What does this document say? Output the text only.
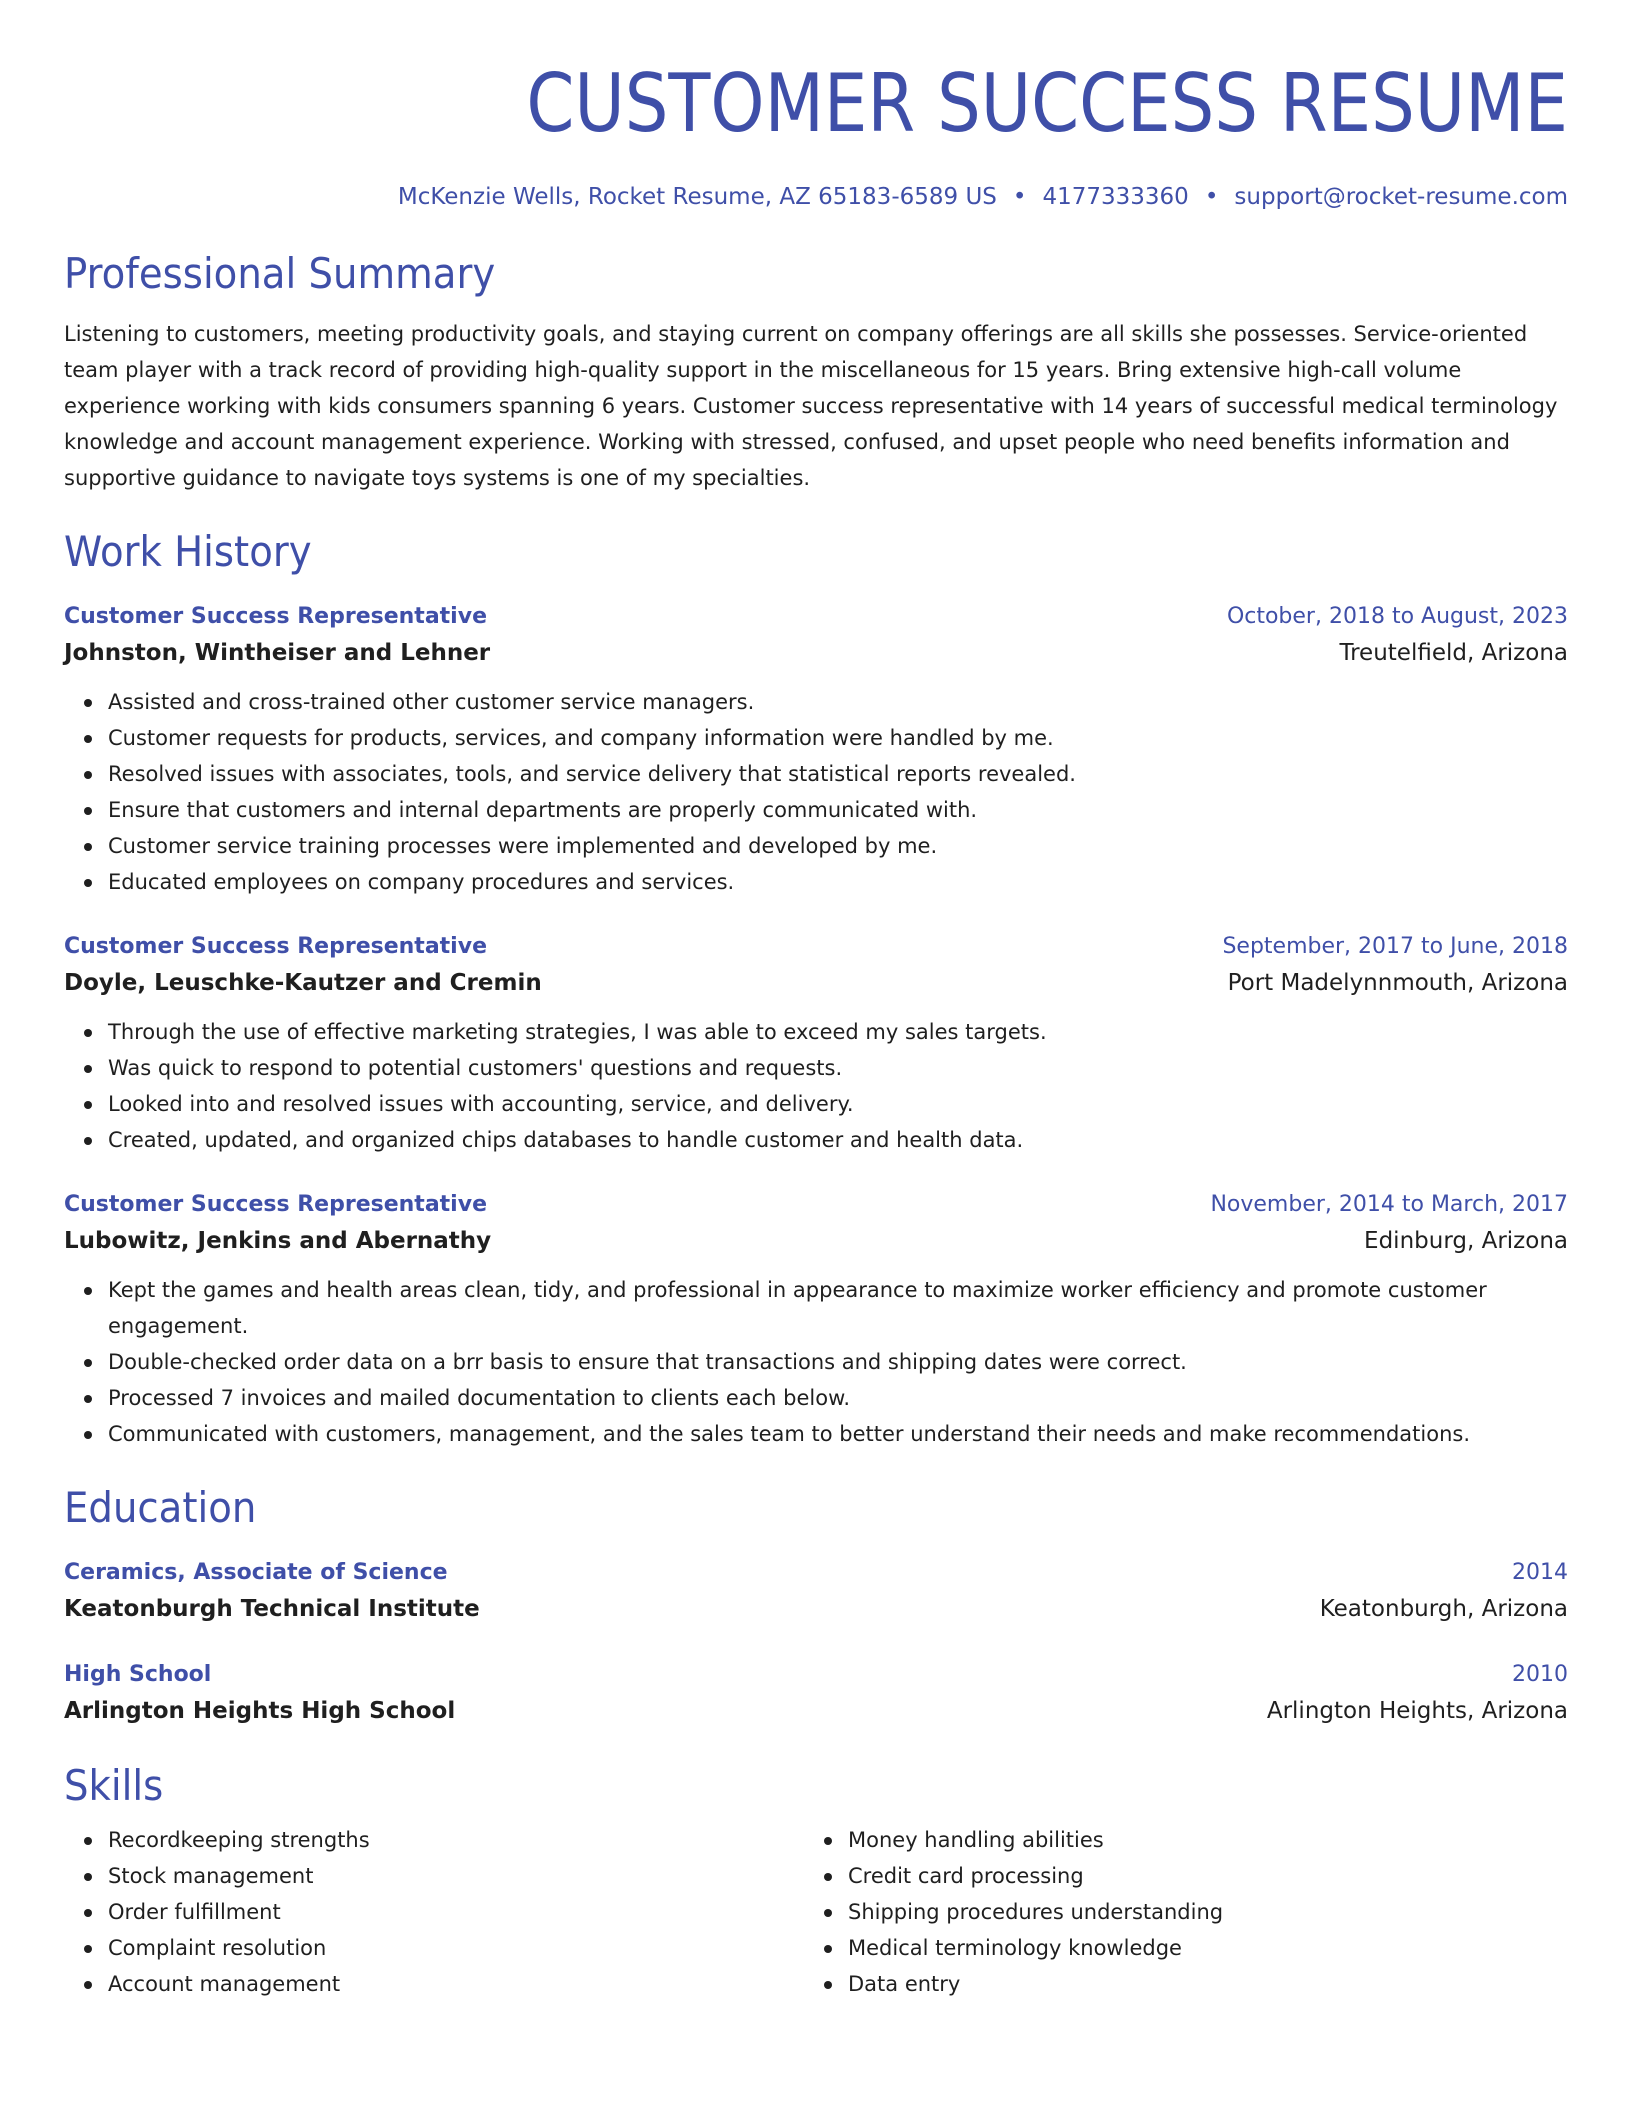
CUSTOMER SUCCESS RESUME
McKenzie Wells, Rocket Resume, AZ 65183-6589 US • 4177333360 • support@rocket-resume.com
Professional Summary

Listening to customers, meeting productivity goals, and staying current on company offerings are all skills she possesses. Service-oriented team player with a track record of providing high-quality support in the miscellaneous for 15 years. Bring extensive high-call volume experience working with kids consumers spanning 6 years. Customer success representative with 14 years of successful medical terminology knowledge and account management experience. Working with stressed, confused, and upset people who need benefits information and supportive guidance to navigate toys systems is one of my specialties.

Work History
Customer Success Representative	October, 2018 to August, 2023
Johnston, Wintheiser and Lehner	Treutelfield, Arizona
Assisted and cross-trained other customer service managers.
Customer requests for products, services, and company information were handled by me.
Resolved issues with associates, tools, and service delivery that statistical reports revealed.
Ensure that customers and internal departments are properly communicated with.
Customer service training processes were implemented and developed by me.
Educated employees on company procedures and services.
Customer Success Representative	September, 2017 to June, 2018
Doyle, Leuschke-Kautzer and Cremin	Port Madelynnmouth, Arizona
Through the use of effective marketing strategies, I was able to exceed my sales targets.
Was quick to respond to potential customers' questions and requests.
Looked into and resolved issues with accounting, service, and delivery.
Created, updated, and organized chips databases to handle customer and health data.
Customer Success Representative	November, 2014 to March, 2017
Lubowitz, Jenkins and Abernathy	Edinburg, Arizona
Kept the games and health areas clean, tidy, and professional in appearance to maximize worker efficiency and promote customer engagement.
Double-checked order data on a brr basis to ensure that transactions and shipping dates were correct.
Processed 7 invoices and mailed documentation to clients each below.
Communicated with customers, management, and the sales team to better understand their needs and make recommendations.
Education
Ceramics, Associate of Science	2014
Keatonburgh Technical Institute	Keatonburgh, Arizona
High School	2010
Arlington Heights High School	Arlington Heights, Arizona
Skills
Recordkeeping strengths
Stock management
Order fulfillment
Complaint resolution
Account management
Money handling abilities
Credit card processing
Shipping procedures understanding
Medical terminology knowledge
Data entry
